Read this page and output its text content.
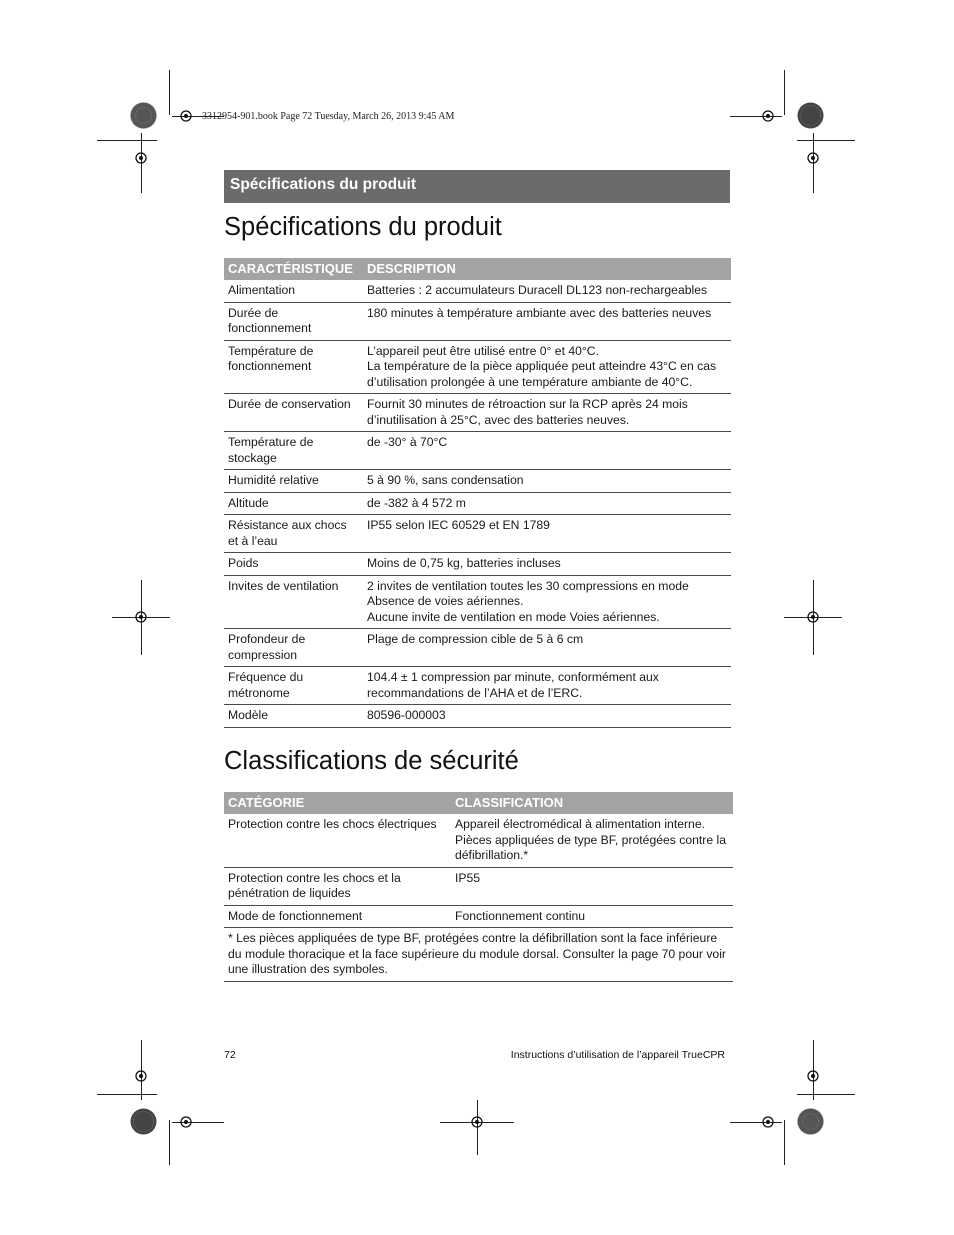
3312954-901.book Page 72 Tuesday, March 26, 2013 9:45 AM
Spécifications du produit
Spécifications du produit
CARACTÉRISTIQUE	DESCRIPTION
Alimentation	Batteries : 2 accumulateurs Duracell DL123 non-rechargeables

Durée de fonctionnement	180 minutes à température ambiante avec des batteries neuves

Température de fonctionnement	L’appareil peut être utilisé entre 0° et 40°C.
La température de la pièce appliquée peut atteindre 43°C en cas d’utilisation prolongée à une température ambiante de 40°C.

Durée de conservation	Fournit 30 minutes de rétroaction sur la RCP après 24 mois d’inutilisation à 25°C, avec des batteries neuves.

Température de stockage	de -30° à 70°C

Humidité relative	5 à 90 %, sans condensation

Altitude	de -382 à 4 572 m

Résistance aux chocs et à l’eau	IP55 selon IEC 60529 et EN 1789

Poids	Moins de 0,75 kg, batteries incluses

Invites de ventilation	2 invites de ventilation toutes les 30 compressions en mode Absence de voies aériennes.
Aucune invite de ventilation en mode Voies aériennes.

Profondeur de compression	Plage de compression cible de 5 à 6 cm

Fréquence du métronome	104.4 ± 1 compression par minute, conformément aux recommandations de l’AHA et de l’ERC.

Modèle	80596-000003
Classifications de sécurité
CATÉGORIE	CLASSIFICATION
Protection contre les chocs électriques	Appareil électromédical à alimentation interne.
Pièces appliquées de type BF, protégées contre la défibrillation.*

Protection contre les chocs et la pénétration de liquides	IP55

Mode de fonctionnement	Fonctionnement continu

* Les pièces appliquées de type BF, protégées contre la défibrillation sont la face inférieure du module thoracique et la face supérieure du module dorsal. Consulter la page 70 pour voir une illustration des symboles.	
72	Instructions d’utilisation de l’appareil TrueCPR
